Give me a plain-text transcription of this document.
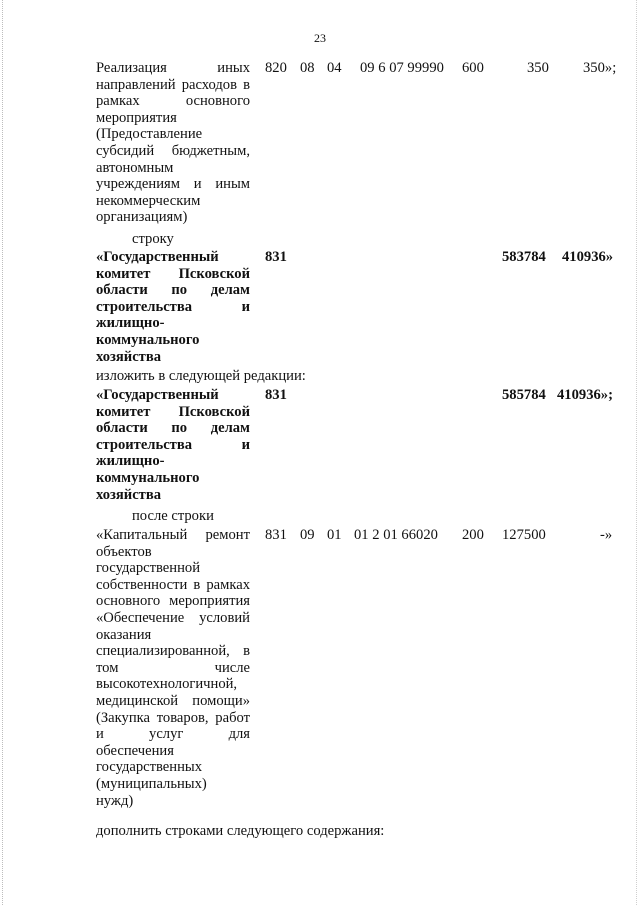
23
Реализация иных
направлений расходов в
рамках основного
мероприятия
(Предоставление
субсидий бюджетным,
автономным
учреждениям и иным
некоммерческим
организациям)
820 08 04 09 6 07 99990 600	350 350»;
строку
«Государственный
комитет Псковской
области по делам
строительства и
жилищно-
коммунального
хозяйства
831	583784 410936»
изложить в следующей редакции:
«Государственный
комитет Псковской
области по делам
строительства и
жилищно-
коммунального
хозяйства
831	585784 410936»;
после строки
«Капитальный ремонт
объектов
государственной
собственности в рамках
основного мероприятия
«Обеспечение условий
оказания
специализированной, в
том числе
высокотехнологичной,
медицинской помощи»
(Закупка товаров, работ
и услуг для
обеспечения
государственных
(муниципальных)
нужд)
831 09 01 01 2 01 66020 200 127500	-»
дополнить строками следующего содержания:
